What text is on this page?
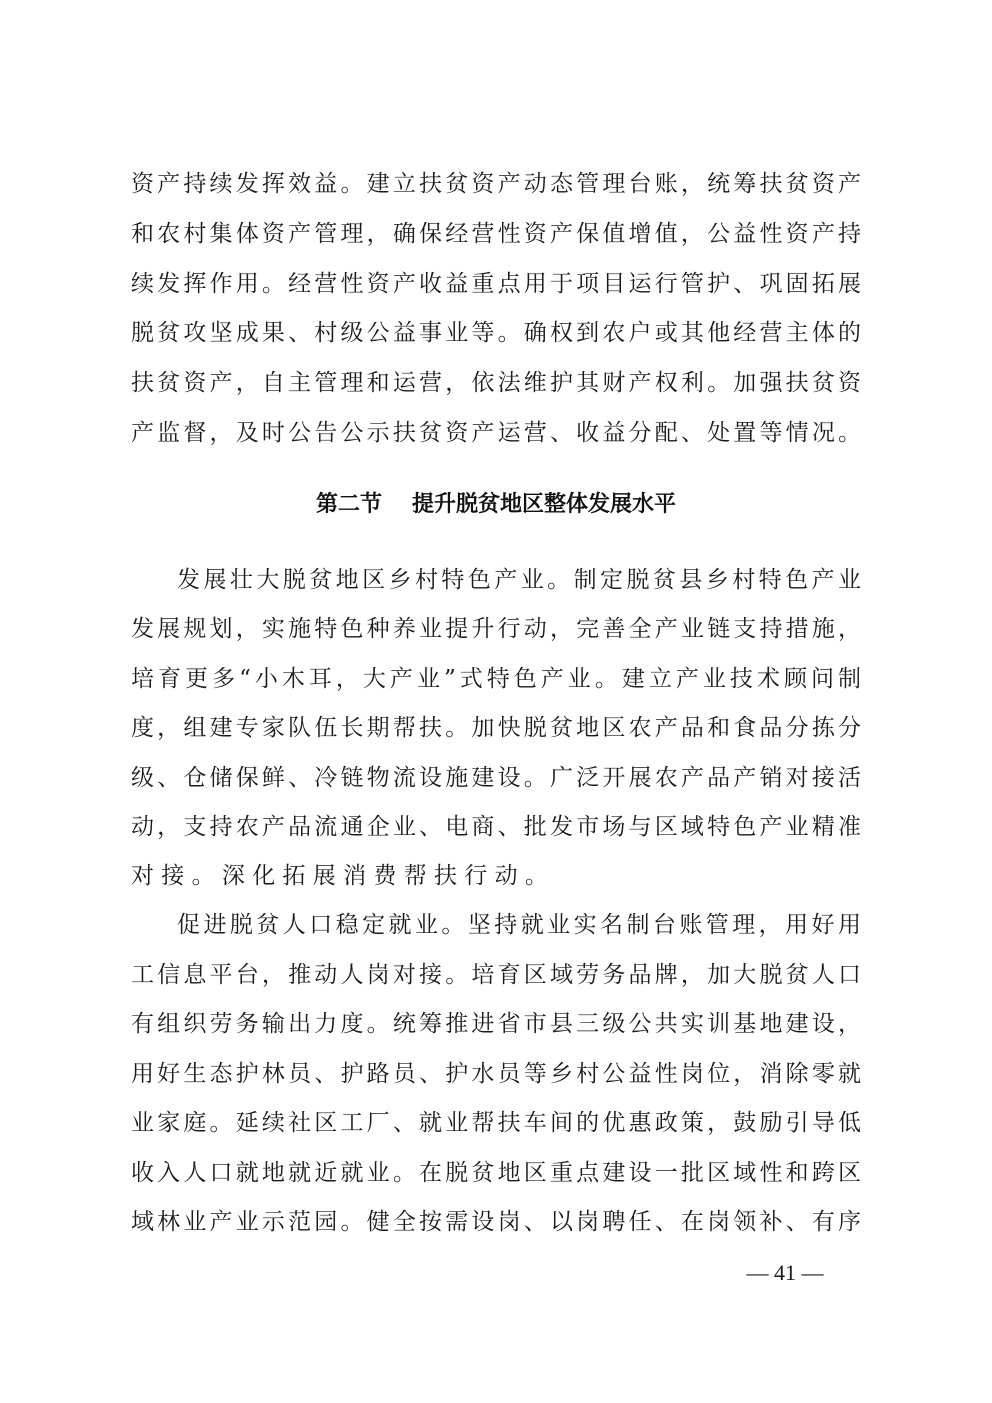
资产持续发挥效益。建立扶贫资产动态管理台账，统筹扶贫资产
和农村集体资产管理，确保经营性资产保值增值，公益性资产持
续发挥作用。经营性资产收益重点用于项目运行管护、巩固拓展
脱贫攻坚成果、村级公益事业等。确权到农户或其他经营主体的
扶贫资产，自主管理和运营，依法维护其财产权利。加强扶贫资
产监督，及时公告公示扶贫资产运营、收益分配、处置等情况。
第二节 提升脱贫地区整体发展水平
发展壮大脱贫地区乡村特色产业。制定脱贫县乡村特色产业
发展规划，实施特色种养业提升行动，完善全产业链支持措施，
培育更多“小木耳，大产业”式特色产业。建立产业技术顾问制
度，组建专家队伍长期帮扶。加快脱贫地区农产品和食品分拣分
级、仓储保鲜、冷链物流设施建设。广泛开展农产品产销对接活
动，支持农产品流通企业、电商、批发市场与区域特色产业精准
对接。深化拓展消费帮扶行动。
促进脱贫人口稳定就业。坚持就业实名制台账管理，用好用
工信息平台，推动人岗对接。培育区域劳务品牌，加大脱贫人口
有组织劳务输出力度。统筹推进省市县三级公共实训基地建设，
用好生态护林员、护路员、护水员等乡村公益性岗位，消除零就
业家庭。延续社区工厂、就业帮扶车间的优惠政策，鼓励引导低
收入人口就地就近就业。在脱贫地区重点建设一批区域性和跨区
域林业产业示范园。健全按需设岗、以岗聘任、在岗领补、有序
— 41 —
